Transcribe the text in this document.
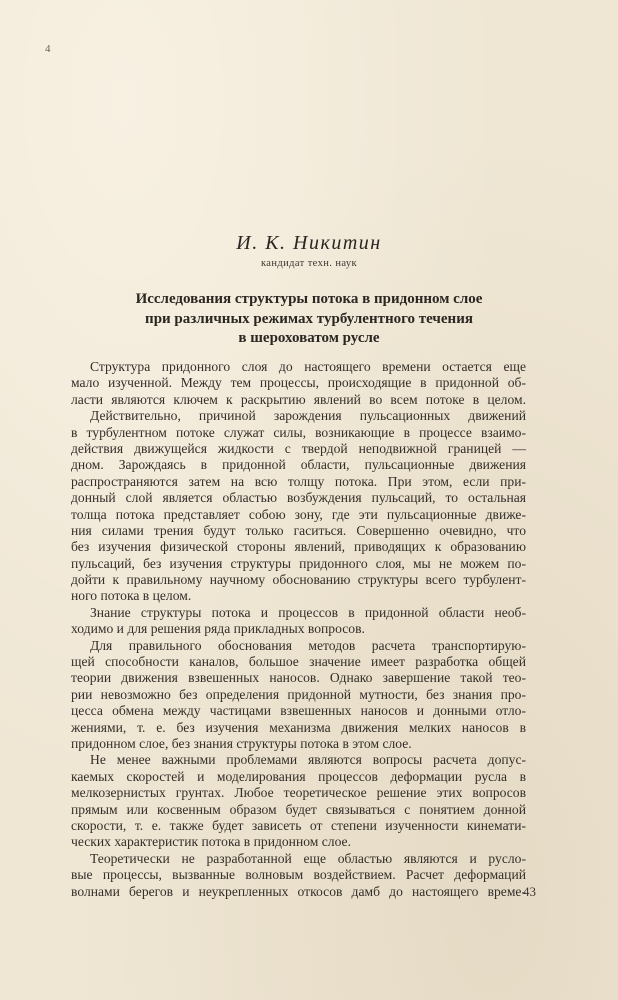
4
И. К. Никитин
кандидат техн. наук
Исследования структуры потока в придонном слое
при различных режимах турбулентного течения
в шероховатом русле
Структура придонного слоя до настоящего времени остается еще
мало изученной. Между тем процессы, происходящие в придонной об-
ласти являются ключем к раскрытию явлений во всем потоке в целом.
Действительно, причиной зарождения пульсационных движений
в турбулентном потоке служат силы, возникающие в процессе взаимо-
действия движущейся жидкости с твердой неподвижной границей —
дном. Зарождаясь в придонной области, пульсационные движения
распространяются затем на всю толщу потока. При этом, если при-
донный слой является областью возбуждения пульсаций, то остальная
толща потока представляет собою зону, где эти пульсационные движе-
ния силами трения будут только гаситься. Совершенно очевидно, что
без изучения физической стороны явлений, приводящих к образованию
пульсаций, без изучения структуры придонного слоя, мы не можем по-
дойти к правильному научному обоснованию структуры всего турбулент-
ного потока в целом.
Знание структуры потока и процессов в придонной области необ-
ходимо и для решения ряда прикладных вопросов.
Для правильного обоснования методов расчета транспортирую-
щей способности каналов, большое значение имеет разработка общей
теории движения взвешенных наносов. Однако завершение такой тео-
рии невозможно без определения придонной мутности, без знания про-
цесса обмена между частицами взвешенных наносов и донными отло-
жениями, т. е. без изучения механизма движения мелких наносов в
придонном слое, без знания структуры потока в этом слое.
Не менее важными проблемами являются вопросы расчета допус-
каемых скоростей и моделирования процессов деформации русла в
мелкозернистых грунтах. Любое теоретическое решение этих вопросов
прямым или косвенным образом будет связываться с понятием донной
скорости, т. е. также будет зависеть от степени изученности кинемати-
ческих характеристик потока в придонном слое.
Теоретически не разработанной еще областью являются и русло-
вые процессы, вызванные волновым воздействием. Расчет деформаций
волнами берегов и неукрепленных откосов дамб до настоящего време-
43
